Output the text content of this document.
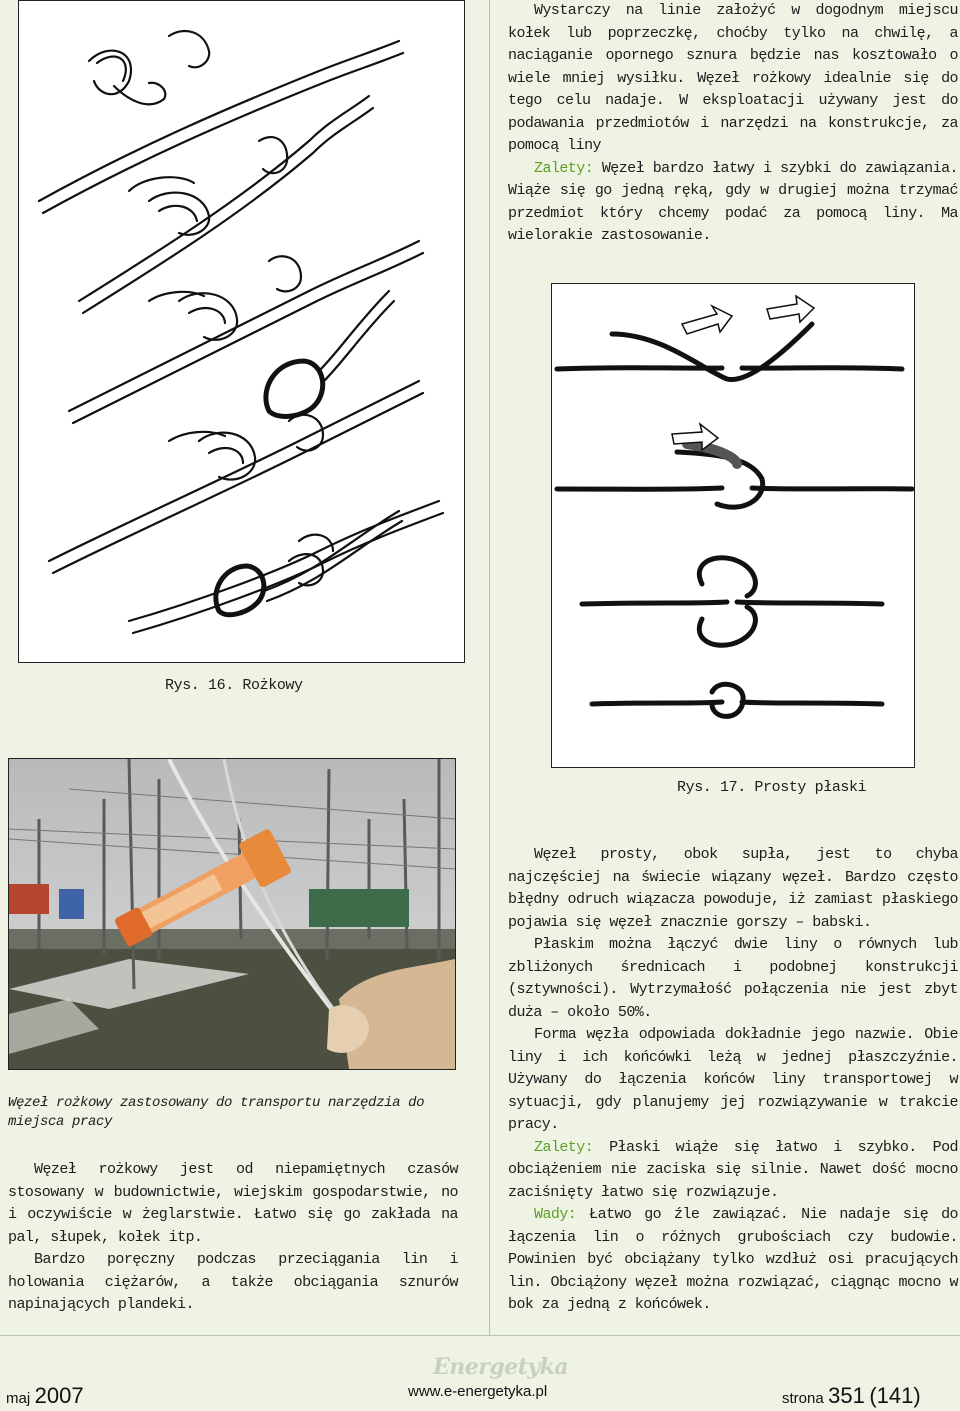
Wystarczy na linie założyć w dogodnym miejscu kołek lub poprzeczkę, choćby tylko na chwilę, a naciąganie opornego sznura będzie nas kosztowało o wiele mniej wysiłku. Węzeł rożkowy idealnie się do tego celu nadaje. W eksploatacji używany jest do podawania przedmiotów i narzędzi na konstrukcje, za pomocą liny

Zalety: Węzeł bardzo łatwy i szybki do zawiązania. Wiąże się go jedną ręką, gdy w drugiej można trzymać przedmiot który chcemy podać za pomocą liny. Ma wielorakie zastosowanie.

Rys. 16. Rożkowy
Rys. 17. Prosty płaski
Węzeł rożkowy zastosowany do transportu narzędzia do miejsca pracy

Węzeł rożkowy jest od niepamiętnych czasów stosowany w budownictwie, wiejskim gospodarstwie, no i oczywiście w żeglarstwie. Łatwo się go zakłada na pal, słupek, kołek itp.

Bardzo poręczny podczas przeciągania lin i holowania ciężarów, a także obciągania sznurów napinających plandeki.

Węzeł prosty, obok supła, jest to chyba najczęściej na świecie wiązany węzeł. Bardzo często błędny odruch wiązacza powoduje, iż zamiast płaskiego pojawia się węzeł znacznie gorszy – babski.

Płaskim można łączyć dwie liny o równych lub zbliżonych średnicach i podobnej konstrukcji (sztywności). Wytrzymałość połączenia nie jest zbyt duża – około 50%.

Forma węzła odpowiada dokładnie jego nazwie. Obie liny i ich końcówki leżą w jednej płaszczyźnie. Używany do łączenia końców liny transportowej w sytuacji, gdy planujemy jej rozwiązywanie w trakcie pracy.

Zalety: Płaski wiąże się łatwo i szybko. Pod obciążeniem nie zaciska się silnie. Nawet dość mocno zaciśnięty łatwo się rozwiązuje.

Wady: Łatwo go źle zawiązać. Nie nadaje się do łączenia lin o różnych grubościach czy budowie. Powinien być obciążany tylko wzdłuż osi pracujących lin. Obciążony węzeł można rozwiązać, ciągnąc mocno w bok za jedną z końcówek.

Energetyka
maj 2007	www.e-energetyka.pl	strona 351 (141)
